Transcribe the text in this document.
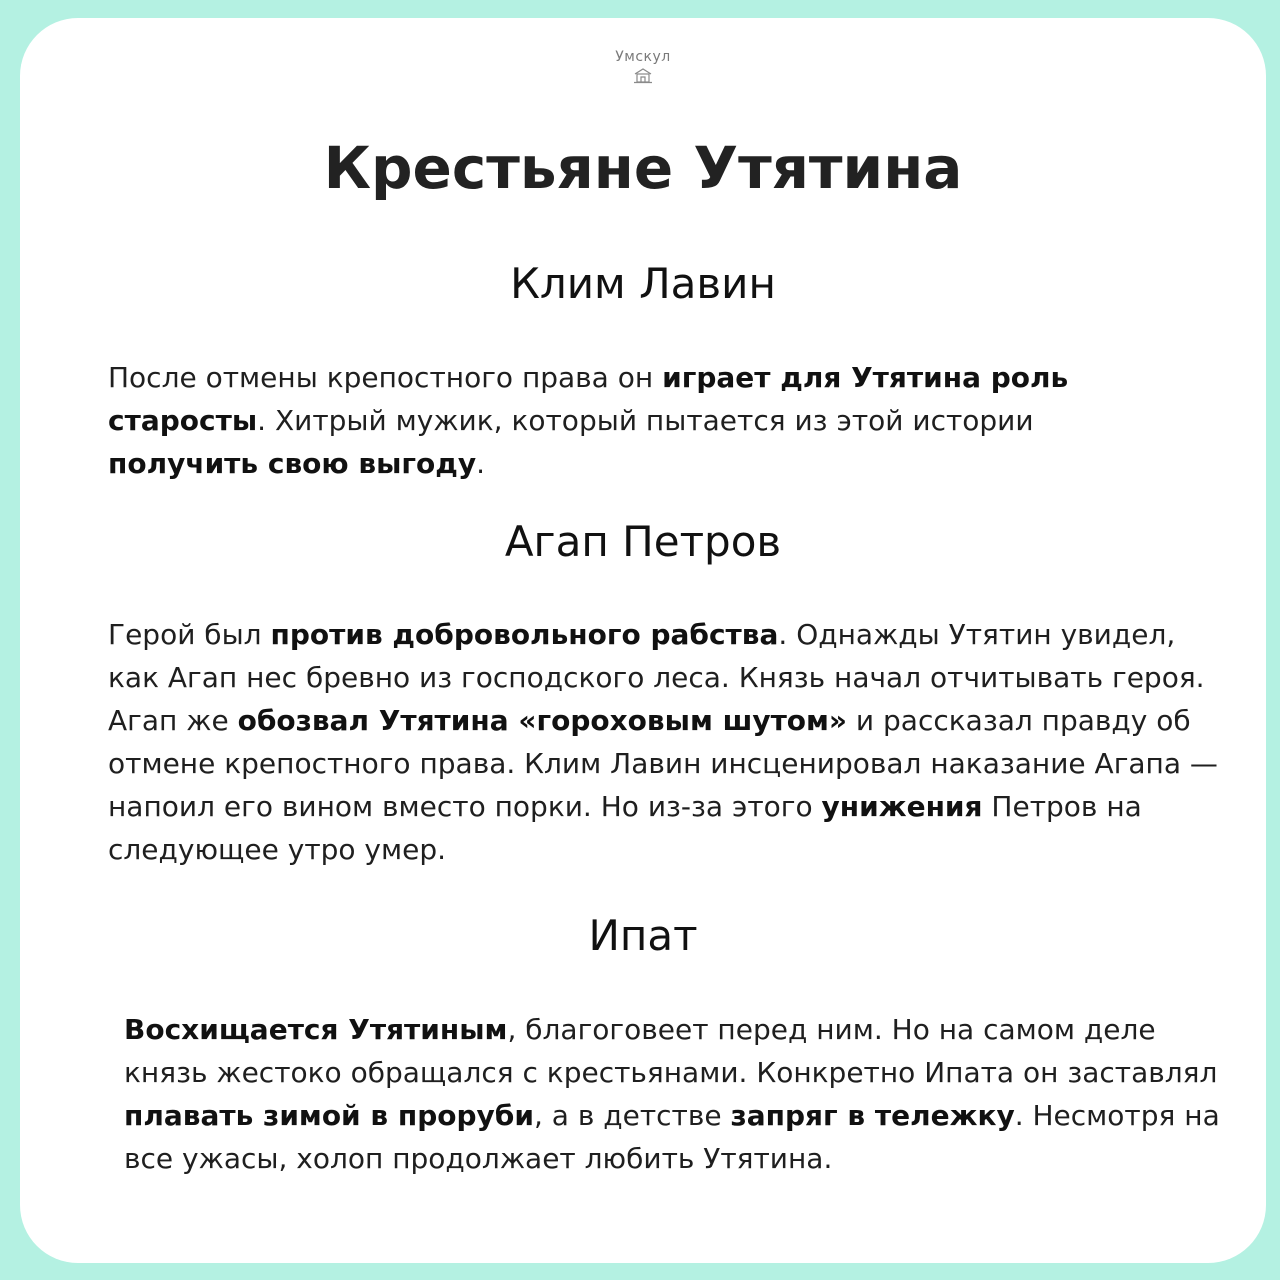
Умскул
Крестьяне Утятина
Клим Лавин

После отмены крепостного права он играет для Утятина роль старосты. Хитрый мужик, который пытается из этой истории получить свою выгоду.

Агап Петров

Герой был против добровольного рабства. Однажды Утятин увидел, как Агап нес бревно из господского леса. Князь начал отчитывать героя. Агап же обозвал Утятина «гороховым шутом» и рассказал правду об отмене крепостного права. Клим Лавин инсценировал наказание Агапа — напоил его вином вместо порки. Но из-за этого унижения Петров на следующее утро умер.

Ипат

Восхищается Утятиным, благоговеет перед ним. Но на самом деле князь жестоко обращался с крестьянами. Конкретно Ипата он заставлял плавать зимой в проруби, а в детстве запряг в тележку. Несмотря на все ужасы, холоп продолжает любить Утятина.
